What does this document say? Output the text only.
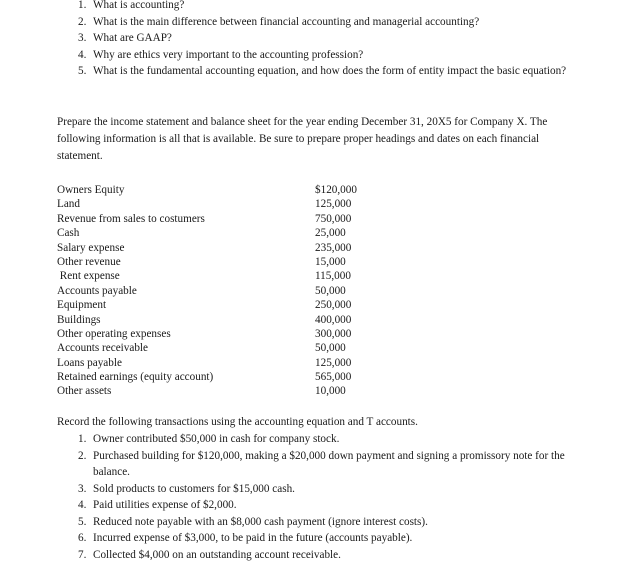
1. What is accounting?
2. What is the main difference between financial accounting and managerial accounting?
3. What are GAAP?
4. Why are ethics very important to the accounting profession?
5. What is the fundamental accounting equation, and how does the form of entity impact the basic equation?

Prepare the income statement and balance sheet for the year ending December 31, 20X5 for Company X. The following information is all that is available. Be sure to prepare proper headings and dates on each financial statement.

Owners Equity	$120,000
Land	125,000
Revenue from sales to costumers	750,000
Cash	25,000
Salary expense	235,000
Other revenue	15,000
Rent expense	115,000
Accounts payable	50,000
Equipment	250,000
Buildings	400,000
Other operating expenses	300,000
Accounts receivable	50,000
Loans payable	125,000
Retained earnings (equity account)	565,000
Other assets	10,000

Record the following transactions using the accounting equation and T accounts.

1. Owner contributed $50,000 in cash for company stock.
2. Purchased building for $120,000, making a $20,000 down payment and signing a promissory note for the balance.
3. Sold products to customers for $15,000 cash.
4. Paid utilities expense of $2,000.
5. Reduced note payable with an $8,000 cash payment (ignore interest costs).
6. Incurred expense of $3,000, to be paid in the future (accounts payable).
7. Collected $4,000 on an outstanding account receivable.
